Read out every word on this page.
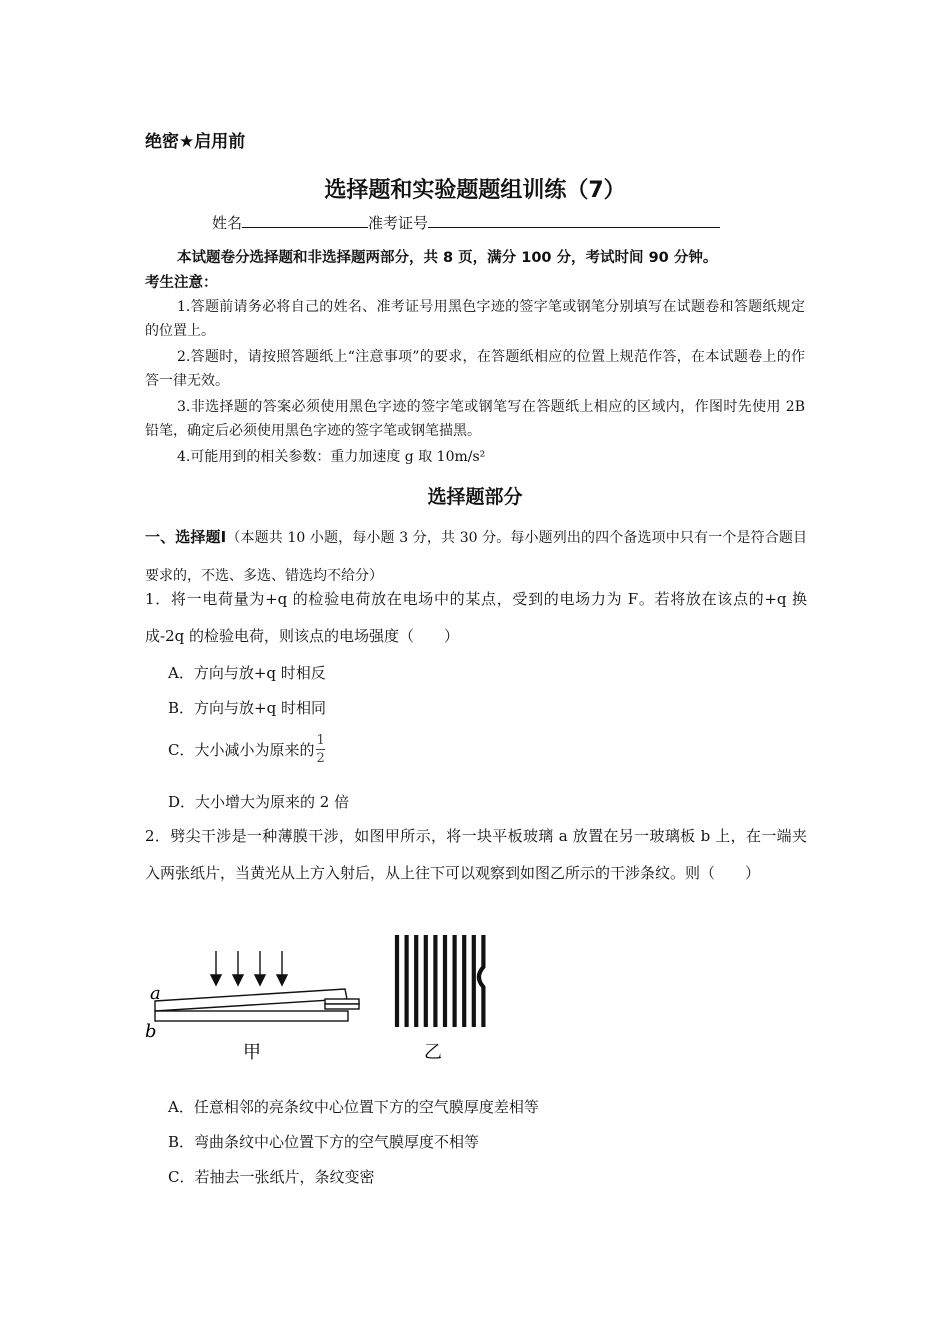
绝密★启用前
选择题和实验题题组训练（7）
姓名	准考证号
本试题卷分选择题和非选择题两部分，共 8 页，满分 100 分，考试时间 90 分钟。
考生注意：
1.答题前请务必将自己的姓名、准考证号用黑色字迹的签字笔或钢笔分别填写在试题卷和答题纸规定的位置上。
2.答题时，请按照答题纸上“注意事项”的要求，在答题纸相应的位置上规范作答，在本试题卷上的作答一律无效。
3.非选择题的答案必须使用黑色字迹的签字笔或钢笔写在答题纸上相应的区域内，作图时先使用 2B 铅笔，确定后必须使用黑色字迹的签字笔或钢笔描黑。
4.可能用到的相关参数：重力加速度 g 取 10m/s²
选择题部分
一、选择题Ⅰ（本题共 10 小题，每小题 3 分，共 30 分。每小题列出的四个备选项中只有一个是符合题目要求的，不选、多选、错选均不给分）
1．将一电荷量为+q 的检验电荷放在电场中的某点，受到的电场力为 F。若将放在该点的+q 换成-2q 的检验电荷，则该点的电场强度（　　）
A．方向与放+q 时相反
B．方向与放+q 时相同
C．大小减小为原来的 $\frac{1}{2}$
D．大小增大为原来的 2 倍
2．劈尖干涉是一种薄膜干涉，如图甲所示，将一块平板玻璃 a 放置在另一玻璃板 b 上，在一端夹入两张纸片，当黄光从上方入射后，从上往下可以观察到如图乙所示的干涉条纹。则（　　）
a
b
甲	乙
A．任意相邻的亮条纹中心位置下方的空气膜厚度差相等
B．弯曲条纹中心位置下方的空气膜厚度不相等
C．若抽去一张纸片，条纹变密
